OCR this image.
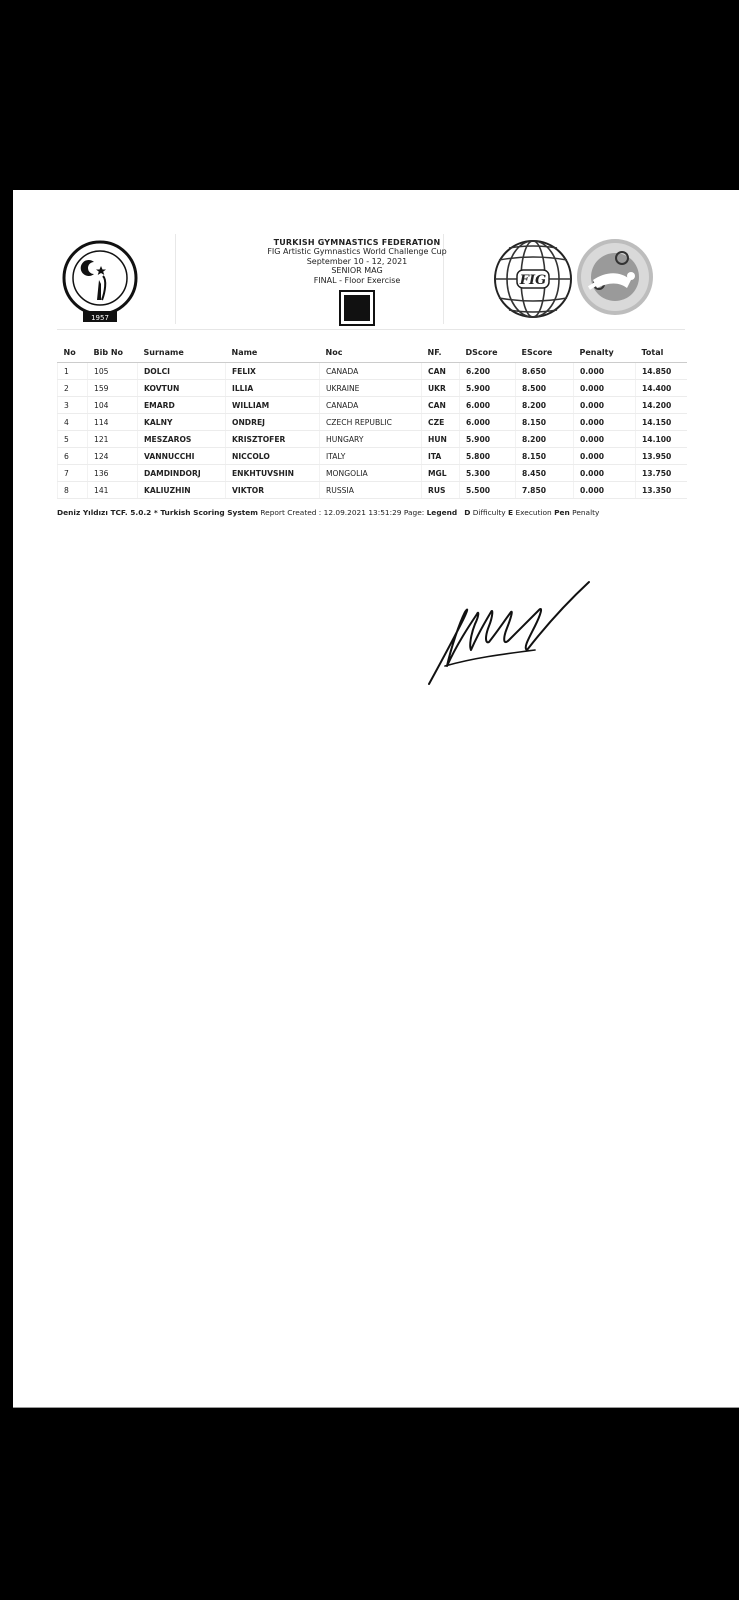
1957
TURKISH GYMNASTICS FEDERATION
FIG Artistic Gymnastics World Challenge Cup
September 10 - 12, 2021
SENIOR MAG
FINAL - Floor Exercise	FIG
No	Bib No	Surname	Name	Noc	NF.	DScore	EScore	Penalty	Total
1	105	DOLCI	FELIX	CANADA	CAN	6.200	8.650	0.000	14.850
2	159	KOVTUN	ILLIA	UKRAINE	UKR	5.900	8.500	0.000	14.400
3	104	EMARD	WILLIAM	CANADA	CAN	6.000	8.200	0.000	14.200
4	114	KALNY	ONDREJ	CZECH REPUBLIC	CZE	6.000	8.150	0.000	14.150
5	121	MESZAROS	KRISZTOFER	HUNGARY	HUN	5.900	8.200	0.000	14.100
6	124	VANNUCCHI	NICCOLO	ITALY	ITA	5.800	8.150	0.000	13.950
7	136	DAMDINDORJ	ENKHTUVSHIN	MONGOLIA	MGL	5.300	8.450	0.000	13.750
8	141	KALIUZHIN	VIKTOR	RUSSIA	RUS	5.500	7.850	0.000	13.350
Deniz Yıldızı TCF. 5.0.2 * Turkish Scoring System Report Created : 12.09.2021 13:51:29 Page: Legend D Difficulty E Execution Pen Penalty
